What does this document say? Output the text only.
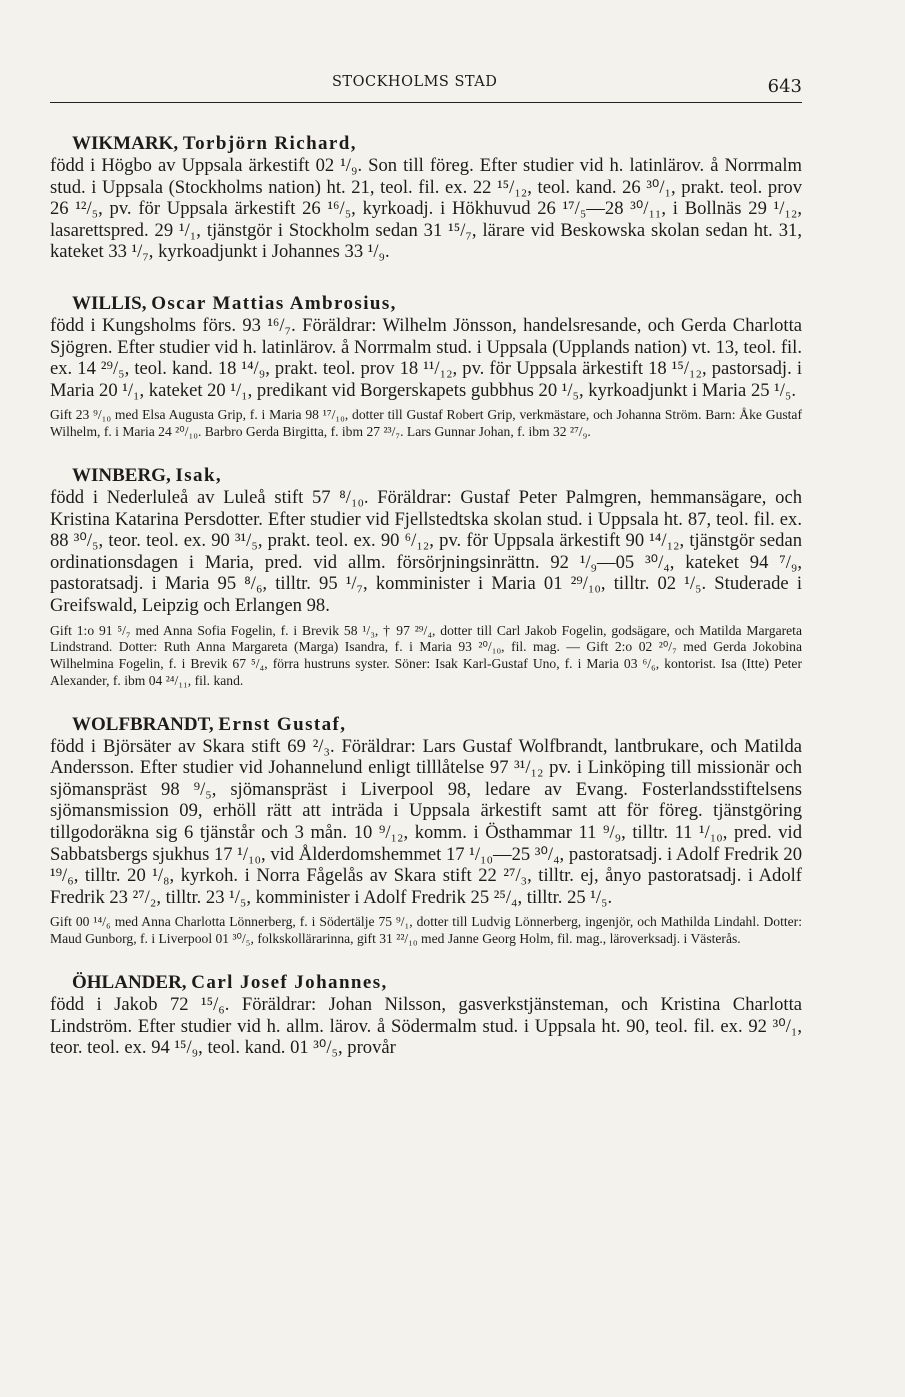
STOCKHOLMS STAD	643
WIKMARK, Torbjörn Richard,
född i Högbo av Uppsala ärkestift 02 ¹/₉. Son till föreg. Efter studier vid h. latinlärov. å Norrmalm stud. i Uppsala (Stockholms nation) ht. 21, teol. fil. ex. 22 ¹⁵/₁₂, teol. kand. 26 ³⁰/₁, prakt. teol. prov 26 ¹²/₅, pv. för Uppsala ärkestift 26 ¹⁶/₅, kyrkoadj. i Hökhuvud 26 ¹⁷/₅—28 ³⁰/₁₁, i Bollnäs 29 ¹/₁₂, lasarettspred. 29 ¹/₁, tjänstgör i Stockholm sedan 31 ¹⁵/₇, lärare vid Beskowska skolan sedan ht. 31, kateket 33 ¹/₇, kyrkoadjunkt i Johannes 33 ¹/₉.
WILLIS, Oscar Mattias Ambrosius,
född i Kungsholms förs. 93 ¹⁶/₇. Föräldrar: Wilhelm Jönsson, handelsresande, och Gerda Charlotta Sjögren. Efter studier vid h. latinlärov. å Norrmalm stud. i Uppsala (Upplands nation) vt. 13, teol. fil. ex. 14 ²⁹/₅, teol. kand. 18 ¹⁴/₉, prakt. teol. prov 18 ¹¹/₁₂, pv. för Uppsala ärkestift 18 ¹⁵/₁₂, pastorsadj. i Maria 20 ¹/₁, kateket 20 ¹/₁, predikant vid Borgerskapets gubbhus 20 ¹/₅, kyrkoadjunkt i Maria 25 ¹/₅.
Gift 23 ⁹/₁₀ med Elsa Augusta Grip, f. i Maria 98 ¹⁷/₁₀, dotter till Gustaf Robert Grip, verkmästare, och Johanna Ström. Barn: Åke Gustaf Wilhelm, f. i Maria 24 ²⁰/₁₀. Barbro Gerda Birgitta, f. ibm 27 ²³/₇. Lars Gunnar Johan, f. ibm 32 ²⁷/₉.
WINBERG, Isak,
född i Nederluleå av Luleå stift 57 ⁸/₁₀. Föräldrar: Gustaf Peter Palmgren, hemmansägare, och Kristina Katarina Persdotter. Efter studier vid Fjellstedtska skolan stud. i Uppsala ht. 87, teol. fil. ex. 88 ³⁰/₅, teor. teol. ex. 90 ³¹/₅, prakt. teol. ex. 90 ⁶/₁₂, pv. för Uppsala ärkestift 90 ¹⁴/₁₂, tjänstgör sedan ordinationsdagen i Maria, pred. vid allm. försörjningsinrättn. 92 ¹/₉—05 ³⁰/₄, kateket 94 ⁷/₉, pastoratsadj. i Maria 95 ⁸/₆, tilltr. 95 ¹/₇, komminister i Maria 01 ²⁹/₁₀, tilltr. 02 ¹/₅. Studerade i Greifswald, Leipzig och Erlangen 98.
Gift 1:o 91 ⁵/₇ med Anna Sofia Fogelin, f. i Brevik 58 ¹/₃, † 97 ²⁹/₄, dotter till Carl Jakob Fogelin, godsägare, och Matilda Margareta Lindstrand. Dotter: Ruth Anna Margareta (Marga) Isandra, f. i Maria 93 ²⁰/₁₀, fil. mag. — Gift 2:o 02 ²⁰/₇ med Gerda Jokobina Wilhelmina Fogelin, f. i Brevik 67 ⁵/₄, förra hustruns syster. Söner: Isak Karl-Gustaf Uno, f. i Maria 03 ⁶/₆, kontorist. Isa (Itte) Peter Alexander, f. ibm 04 ²⁴/₁₁, fil. kand.
WOLFBRANDT, Ernst Gustaf,
född i Björsäter av Skara stift 69 ²/₃. Föräldrar: Lars Gustaf Wolfbrandt, lantbrukare, och Matilda Andersson. Efter studier vid Johannelund enligt tilllåtelse 97 ³¹/₁₂ pv. i Linköping till missionär och sjömanspräst 98 ⁹/₅, sjömanspräst i Liverpool 98, ledare av Evang. Fosterlandsstiftelsens sjömansmission 09, erhöll rätt att inträda i Uppsala ärkestift samt att för föreg. tjänstgöring tillgodoräkna sig 6 tjänstår och 3 mån. 10 ⁹/₁₂, komm. i Östhammar 11 ⁹/₉, tilltr. 11 ¹/₁₀, pred. vid Sabbatsbergs sjukhus 17 ¹/₁₀, vid Ålderdomshemmet 17 ¹/₁₀—25 ³⁰/₄, pastoratsadj. i Adolf Fredrik 20 ¹⁹/₆, tilltr. 20 ¹/₈, kyrkoh. i Norra Fågelås av Skara stift 22 ²⁷/₃, tilltr. ej, ånyo pastoratsadj. i Adolf Fredrik 23 ²⁷/₂, tilltr. 23 ¹/₅, komminister i Adolf Fredrik 25 ²⁵/₄, tilltr. 25 ¹/₅.
Gift 00 ¹⁴/₆ med Anna Charlotta Lönnerberg, f. i Södertälje 75 ⁹/₁, dotter till Ludvig Lönnerberg, ingenjör, och Mathilda Lindahl. Dotter: Maud Gunborg, f. i Liverpool 01 ³⁰/₅, folkskollärarinna, gift 31 ²²/₁₀ med Janne Georg Holm, fil. mag., läroverksadj. i Västerås.
ÖHLANDER, Carl Josef Johannes,
född i Jakob 72 ¹⁵/₆. Föräldrar: Johan Nilsson, gasverkstjänsteman, och Kristina Charlotta Lindström. Efter studier vid h. allm. lärov. å Södermalm stud. i Uppsala ht. 90, teol. fil. ex. 92 ³⁰/₁, teor. teol. ex. 94 ¹⁵/₉, teol. kand. 01 ³⁰/₅, provår
